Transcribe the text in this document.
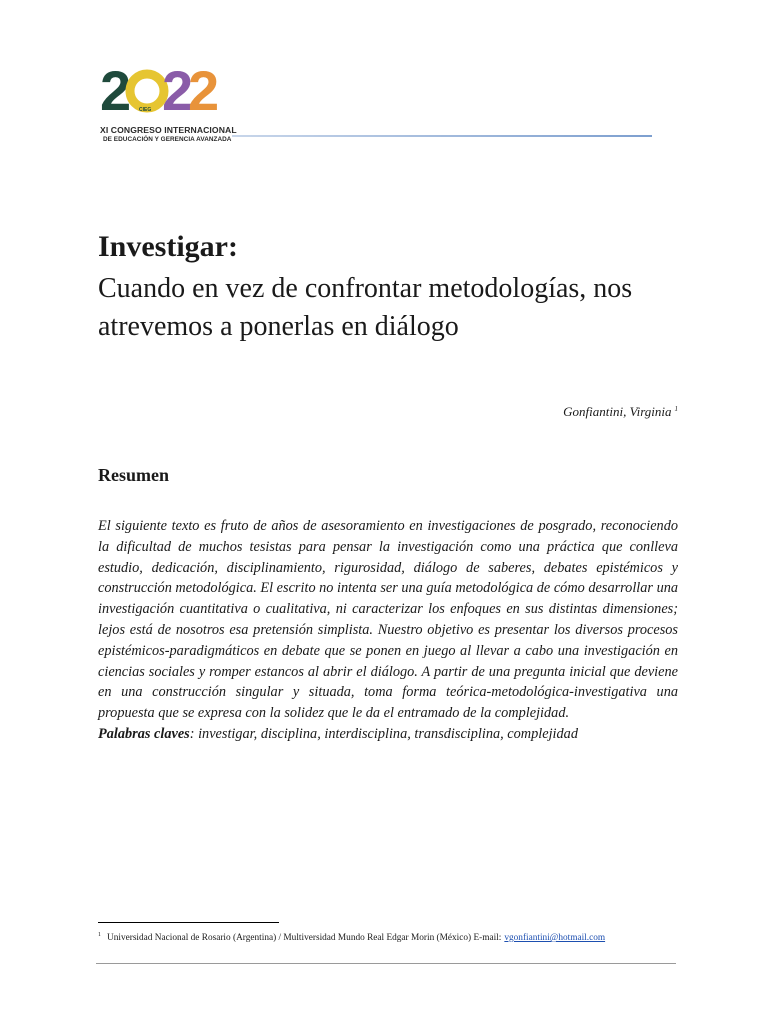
2 CIEG 2
2
XI CONGRESO INTERNACIONAL
DE EDUCACIÓN Y GERENCIA AVANZADA
Investigar:
Cuando en vez de confrontar metodologías, nos atrevemos a ponerlas en diálogo
Gonfiantini, Virginia $^1$
Resumen

El siguiente texto es fruto de años de asesoramiento en investigaciones de posgrado, reconociendo la dificultad de muchos tesistas para pensar la investigación como una práctica que conlleva estudio, dedicación, disciplinamiento, rigurosidad, diálogo de saberes, debates epistémicos y construcción metodológica. El escrito no intenta ser una guía metodológica de cómo desarrollar una investigación cuantitativa o cualitativa, ni caracterizar los enfoques en sus distintas dimensiones; lejos está de nosotros esa pretensión simplista. Nuestro objetivo es presentar los diversos procesos epistémicos-paradigmáticos en debate que se ponen en juego al llevar a cabo una investigación en ciencias sociales y romper estancos al abrir el diálogo. A partir de una pregunta inicial que deviene en una construcción singular y situada, toma forma teórica-metodológica-investigativa una propuesta que se expresa con la solidez que le da el entramado de la complejidad.

Palabras claves: investigar, disciplina, interdisciplina, transdisciplina, complejidad
$^1$ Universidad Nacional de Rosario (Argentina) / Multiversidad Mundo Real Edgar Morin (México) E-mail: vgonfiantini@hotmail.com
